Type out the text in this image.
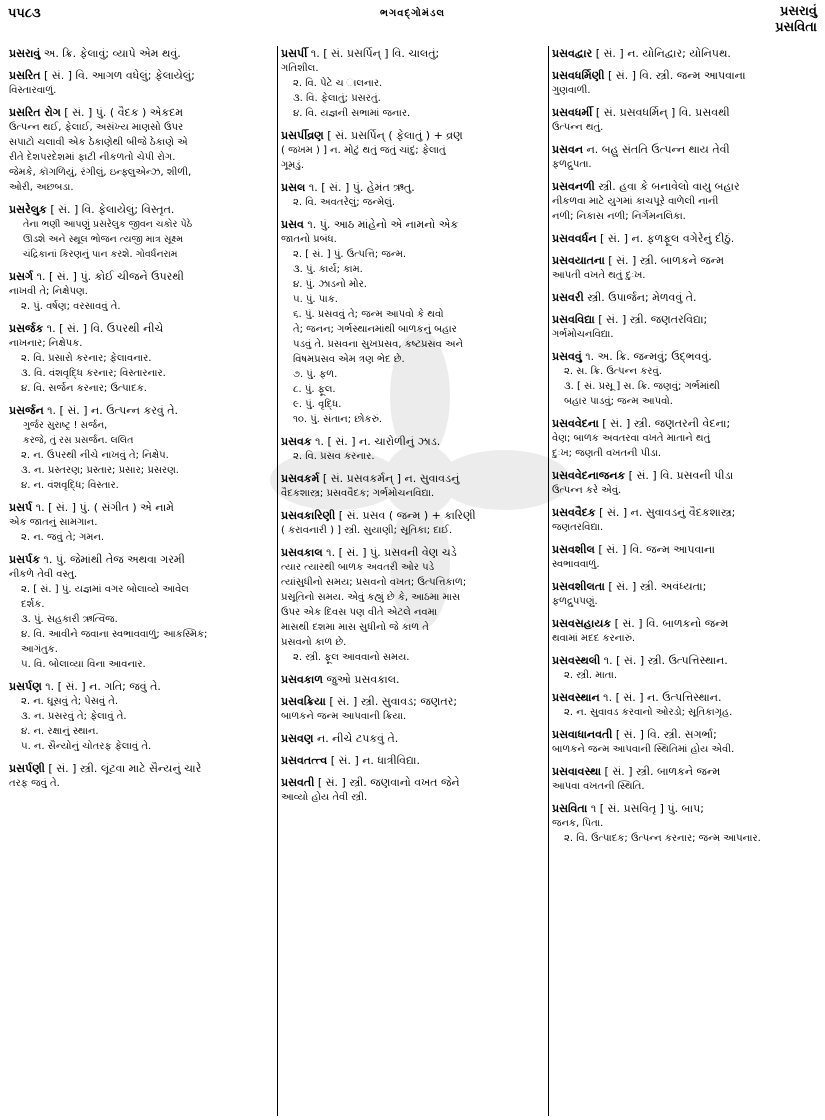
પપ૮૩	ભગવદ્ગોમંડલ	પ્રસરાવું
પ્રસવિતા
પ્રસરાવું અ. ક્રિ. ફેલાવું; વ્યાપે એમ થવું.
પ્રસરિત [ સં. ] વિ. આગળ વધેલું; ફેલાયેલું;
વિસ્તારવાળું.
પ્રસરિત રોગ [ સં. ] પું. ( વૈદક ) એકદમ
ઉત્પન્ન થઈ, ફેલાઈ, અસંખ્ય માણસો ઉપર
સપાટો ચલાવી એક ઠેકાણેથી બીજે ઠેકાણે એ
રીતે દેશપરદેશમાં ફાટી નીકળતો ચેપી રોગ.
જેમકે, કૉગળિયું, રંગીલું, ઇન્ફ્લુએન્ઝ, શીળી,
ઓરી, અછબડા.
પ્રસરેલુક [ સં. ] વિ. ફેલાયેલું; વિસ્તૃત.
તેના ભણી આપણું પ્રસરેલુક જીવન ચકોર પેઠે
ઊડશે અને સ્થૂલ ભોજન ત્યજી માત્ર સૂક્ષ્મ
ચંદ્રિકાનાં કિરણનું પાન કરશે. ગોવર્ધનરામ
પ્રસર્ગ ૧. [ સં. ] પું. કોઈ ચીજને ઉપરથી
નાખવી તે; નિક્ષેપણ.
૨. પું. વર્ષણ; વરસાવવું તે.
પ્રસર્જક ૧. [ સં. ] વિ. ઉપરથી નીચે
નાખનાર; નિક્ષેપક.
૨. વિ. પ્રસારો કરનાર; ફેલાવનાર.
૩. વિ. વંશવૃદ્ધિ કરનાર; વિસ્તારનાર.
૪. વિ. સર્જન કરનાર; ઉત્પાદક.
પ્રસર્જન ૧. [ સં. ] ન. ઉત્પન્ન કરવું તે.
ગુર્જર સુરાષ્ટ્ર ! સર્જન,
કરજે, તું રસ પ્રસર્જન. લલિત
૨. ન. ઉપરથી નીચે નાખવું તે; નિક્ષેપ.
૩. ન. પ્રસ્તરણ; પ્રસ્તાર; પ્રસાર; પ્રસરણ.
૪. ન. વંશવૃદ્ધિ; વિસ્તાર.
પ્રસર્પ ૧. [ સં. ] પું. ( સંગીત ) એ નામે
એક જાતનું સામગાન.
૨. ન. જવું તે; ગમન.
પ્રસર્પક ૧. પું. જેમાંથી તેજ અથવા ગરમી
નીકળે તેવી વસ્તુ.
૨. [ સં. ] પું. યજ્ઞમાં વગર બોલાવ્યે આવેલ
દર્શક.
૩. પું. સહકારી ઋત્વિજ.
૪. વિ. આવીને જવાના સ્વભાવવાળું; આકસ્મિક;
આગંતુક.
૫. વિ. બોલાવ્યા વિના આવનાર.
પ્રસર્પણ ૧. [ સં. ] ન. ગતિ; જવું તે.
૨. ન. ઘૂસવું તે; પેસવું તે.
૩. ન. પ્રસરવું તે; ફેલાવું તે.
૪. ન. રક્ષાનું સ્થાન.
૫. ન. સૈન્યોનું ચોતરફ ફેલાવું તે.
પ્રસર્પણી [ સં. ] સ્ત્રી. લૂંટવા માટે સૈન્યનું ચારે
તરફ જવું તે.
પ્રસર્પી ૧. [ સં. પ્રસર્પિન્ ] વિ. ચાલતું;
ગતિશીલ.
૨. વિ. પેટે ચ ાલનાર.
૩. વિ. ફેલાતું; પ્રસરતું.
૪. વિ. યજ્ઞની સભામાં જનાર.
પ્રસર્પીવ્રણ [ સં. પ્રસર્પિન્ ( ફેલાતું ) + વ્રણ
( જખમ ) ] ન. મોટું થતું જતું ચાંદું; ફેલાતું
ગૂમડું.
પ્રસલ ૧. [ સં. ] પું. હેમંત ઋતુ.
૨. વિ. અવતરેલું; જન્મેલું.
પ્રસવ ૧. પું. આઠ માંહેનો એ નામનો એક
જાતનો પ્રબંધ.
૨. [ સં. ] પું. ઉત્પત્તિ; જન્મ.
૩. પું. કાર્ય; કામ.
૪. પું. ઝાડનો મોર.
૫. પું. પાક.
૬. પું. પ્રસવવું તે; જન્મ આપવો કે થવો
તે; જનન; ગર્ભસ્થાનમાંથી બાળકનું બહાર
પડવું તે. પ્રસવના સુખપ્રસવ, કષ્ટપ્રસવ અને
વિષમપ્રસવ એમ ત્રણ ભેદ છે.
૭. પું. ફળ.
૮. પું. ફૂલ.
૯. પું. વૃદ્ધિ.
૧૦. પું. સંતાન; છોકરું.
પ્રસવક ૧. [ સં. ] ન. ચારોળીનું ઝાડ.
૨. વિ. પ્રસવ કરનાર.
પ્રસવકર્મ [ સં. પ્રસવકર્મન્ ] ન. સુવાવડનું
વૈદકશાસ્ત્ર; પ્રસવવૈદક; ગર્ભમોચનવિદ્યા.
પ્રસવકારિણી [ સં. પ્રસવ ( જન્મ ) + કારિણી
( કરાવનારી ) ] સ્ત્રી. સુયાણી; સૂતિકા; દાઈ.
પ્રસવકાલ ૧. [ સં. ] પું. પ્રસવની વેણ ચડે
ત્યાર ત્યારથી બાળક અવતરી ઓર પડે
ત્યાંસુધીનો સમય; પ્રસવનો વખત; ઉત્પત્તિકાળ;
પ્રસૂતિનો સમય. એવું કહ્યું છે કે, આઠમા માસ
ઉપર એક દિવસ પણ વીતે એટલે નવમા
માસથી દશમા માસ સુધીનો જે કાળ તે
પ્રસવનો કાળ છે.
૨. સ્ત્રી. ફૂલ આવવાનો સમય.
પ્રસવકાળ જુઓ પ્રસવકાલ.
પ્રસવક્રિયા [ સં. ] સ્ત્રી. સુવાવડ; જણતર;
બાળકને જન્મ આપવાની ક્રિયા.
પ્રસવણ ન. નીચે ટપકવું તે.
પ્રસવતત્ત્વ [ સં. ] ન. ધાત્રીવિદ્યા.
પ્રસવતી [ સં. ] સ્ત્રી. જણવાનો વખત જેને
આવ્યો હોય તેવી સ્ત્રી.
પ્રસવદ્વાર [ સં. ] ન. યોનિદ્વાર; યોનિપથ.
પ્રસવધર્મિણી [ સં. ] વિ. સ્ત્રી. જન્મ આપવાના
ગુણવાળી.
પ્રસવધર્મી [ સં. પ્રસવધર્મિન્ ] વિ. પ્રસવથી
ઉત્પન્ન થતું.
પ્રસવન ન. બહુ સંતતિ ઉત્પન્ન થાય તેવી
ફળદ્રુપતા.
પ્રસવનળી સ્ત્રી. હવા કે બનાવેલો વાયુ બહાર
નીકળવા માટે યુગમાં કાચપૂરે વાળેલી નાની
નળી; નિકાસ નળી; નિર્ગમનલિકા.
પ્રસવવર્ધન [ સં. ] ન. ફળફૂલ વગેરેનું દીઠું.
પ્રસવયાતના [ સં. ] સ્ત્રી. બાળકને જન્મ
આપતી વખતે થતું દુઃખ.
પ્રસવરી સ્ત્રી. ઉપાર્જન; મેળવવું તે.
પ્રસવવિદ્યા [ સં. ] સ્ત્રી. જણતરવિદ્યા;
ગર્ભમોચનવિદ્યા.
પ્રસવવું ૧. અ. ક્રિ. જન્મવું; ઉદ્ભવવું.
૨. સ. ક્રિ. ઉત્પન્ન કરવું.
૩. [ સં. પ્રસૂ ] સ. ક્રિ. જણવું; ગર્ભમાંથી
બહાર પાડવું; જન્મ આપવો.
પ્રસવવેદના [ સં. ] સ્ત્રી. જણતરની વેદના;
વેણ; બાળક અવતરવા વખતે માતાને થતું
દુઃખ; જણતી વખતની પીડા.
પ્રસવવેદનાજનક [ સં. ] વિ. પ્રસવની પીડા
ઉત્પન્ન કરે એવું.
પ્રસવવૈદક [ સં. ] ન. સુવાવડનું વૈદકશાસ્ત્ર;
જણતરવિદ્યા.
પ્રસવશીલ [ સં. ] વિ. જન્મ આપવાના
સ્વભાવવાળું.
પ્રસવશીલતા [ સં. ] સ્ત્રી. અવંધ્યતા;
ફળદ્રુપપણું.
પ્રસવસહાયક [ સં. ] વિ. બાળકનો જન્મ
થવામાં મદદ કરનારું.
પ્રસવસ્થલી ૧. [ સં. ] સ્ત્રી. ઉત્પત્તિસ્થાન.
૨. સ્ત્રી. માતા.
પ્રસવસ્થાન ૧. [ સં. ] ન. ઉત્પત્તિસ્થાન.
૨. ન. સુવાવડ કરવાનો ઓરડો; સૂતિકાગૃહ.
પ્રસવાધાનવતી [ સં. ] વિ. સ્ત્રી. સગર્ભા;
બાળકને જન્મ આપવાની સ્થિતિમાં હોય એવી.
પ્રસવાવસ્થા [ સં. ] સ્ત્રી. બાળકને જન્મ
આપવા વખતની સ્થિતિ.
પ્રસવિતા ૧ [ સં. પ્રસવિતૃ ] પું. બાપ;
જનક, પિતા.
૨. વિ. ઉત્પાદક; ઉત્પન્ન કરનાર; જન્મ આપનાર.
